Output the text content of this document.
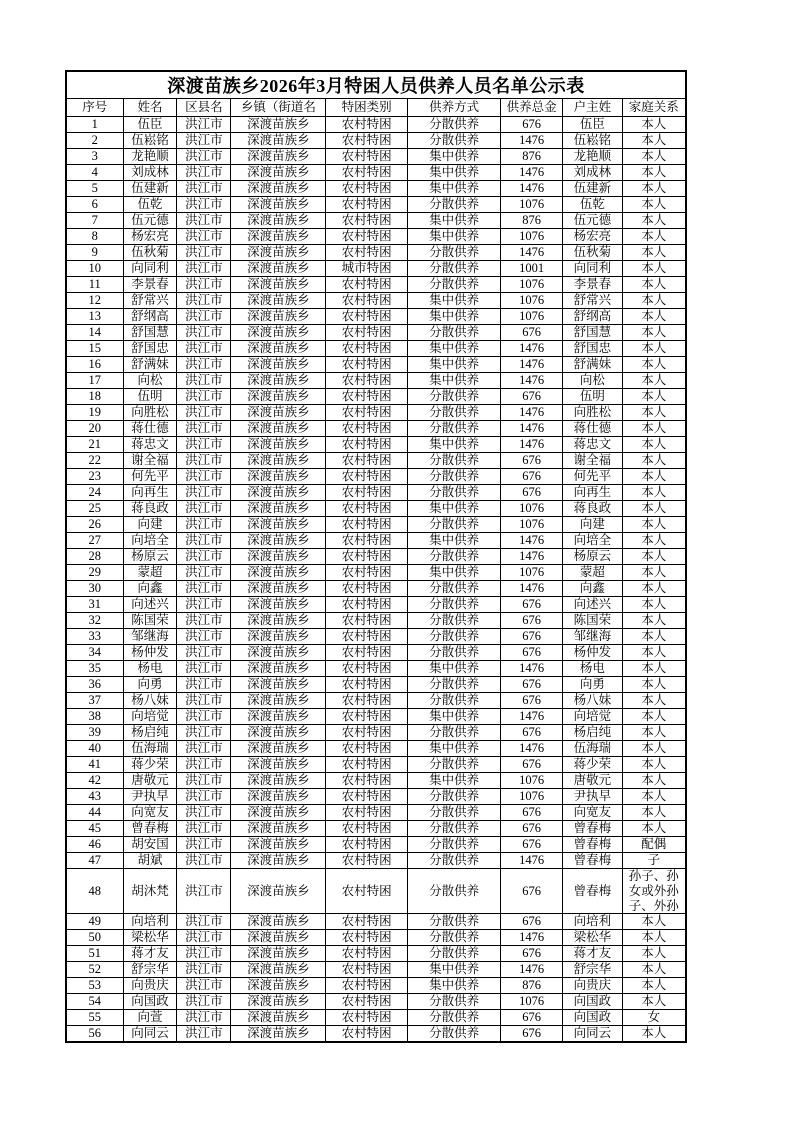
深渡苗族乡2026年3月特困人员供养人员名单公示表								
序号	姓名	区县名	乡镇（街道名	特困类别	供养方式	供养总金	户主姓	家庭关系
1	伍臣	洪江市	深渡苗族乡	农村特困	分散供养	676	伍臣	本人
2	伍崧铭	洪江市	深渡苗族乡	农村特困	分散供养	1476	伍崧铭	本人
3	龙艳顺	洪江市	深渡苗族乡	农村特困	集中供养	876	龙艳顺	本人
4	刘成林	洪江市	深渡苗族乡	农村特困	集中供养	1476	刘成林	本人
5	伍建新	洪江市	深渡苗族乡	农村特困	集中供养	1476	伍建新	本人
6	伍乾	洪江市	深渡苗族乡	农村特困	分散供养	1076	伍乾	本人
7	伍元德	洪江市	深渡苗族乡	农村特困	集中供养	876	伍元德	本人
8	杨宏亮	洪江市	深渡苗族乡	农村特困	集中供养	1076	杨宏亮	本人
9	伍秋菊	洪江市	深渡苗族乡	农村特困	分散供养	1476	伍秋菊	本人
10	向同利	洪江市	深渡苗族乡	城市特困	分散供养	1001	向同利	本人
11	李景春	洪江市	深渡苗族乡	农村特困	分散供养	1076	李景春	本人
12	舒常兴	洪江市	深渡苗族乡	农村特困	集中供养	1076	舒常兴	本人
13	舒纲高	洪江市	深渡苗族乡	农村特困	集中供养	1076	舒纲高	本人
14	舒国慧	洪江市	深渡苗族乡	农村特困	分散供养	676	舒国慧	本人
15	舒国忠	洪江市	深渡苗族乡	农村特困	集中供养	1476	舒国忠	本人
16	舒满妹	洪江市	深渡苗族乡	农村特困	集中供养	1476	舒满妹	本人
17	向松	洪江市	深渡苗族乡	农村特困	集中供养	1476	向松	本人
18	伍明	洪江市	深渡苗族乡	农村特困	分散供养	676	伍明	本人
19	向胜松	洪江市	深渡苗族乡	农村特困	分散供养	1476	向胜松	本人
20	蒋仕德	洪江市	深渡苗族乡	农村特困	分散供养	1476	蒋仕德	本人
21	蒋忠文	洪江市	深渡苗族乡	农村特困	集中供养	1476	蒋忠文	本人
22	谢全福	洪江市	深渡苗族乡	农村特困	分散供养	676	谢全福	本人
23	何先平	洪江市	深渡苗族乡	农村特困	分散供养	676	何先平	本人
24	向再生	洪江市	深渡苗族乡	农村特困	分散供养	676	向再生	本人
25	蒋良政	洪江市	深渡苗族乡	农村特困	集中供养	1076	蒋良政	本人
26	向建	洪江市	深渡苗族乡	农村特困	分散供养	1076	向建	本人
27	向培全	洪江市	深渡苗族乡	农村特困	集中供养	1476	向培全	本人
28	杨原云	洪江市	深渡苗族乡	农村特困	分散供养	1476	杨原云	本人
29	蒙超	洪江市	深渡苗族乡	农村特困	集中供养	1076	蒙超	本人
30	向鑫	洪江市	深渡苗族乡	农村特困	分散供养	1476	向鑫	本人
31	向述兴	洪江市	深渡苗族乡	农村特困	分散供养	676	向述兴	本人
32	陈国荣	洪江市	深渡苗族乡	农村特困	分散供养	676	陈国荣	本人
33	邹继海	洪江市	深渡苗族乡	农村特困	分散供养	676	邹继海	本人
34	杨仲发	洪江市	深渡苗族乡	农村特困	分散供养	676	杨仲发	本人
35	杨电	洪江市	深渡苗族乡	农村特困	集中供养	1476	杨电	本人
36	向勇	洪江市	深渡苗族乡	农村特困	分散供养	676	向勇	本人
37	杨八妹	洪江市	深渡苗族乡	农村特困	分散供养	676	杨八妹	本人
38	向培觉	洪江市	深渡苗族乡	农村特困	集中供养	1476	向培觉	本人
39	杨启纯	洪江市	深渡苗族乡	农村特困	分散供养	676	杨启纯	本人
40	伍海瑞	洪江市	深渡苗族乡	农村特困	集中供养	1476	伍海瑞	本人
41	蒋少荣	洪江市	深渡苗族乡	农村特困	分散供养	676	蒋少荣	本人
42	唐敬元	洪江市	深渡苗族乡	农村特困	集中供养	1076	唐敬元	本人
43	尹执早	洪江市	深渡苗族乡	农村特困	分散供养	1076	尹执早	本人
44	向宽友	洪江市	深渡苗族乡	农村特困	分散供养	676	向宽友	本人
45	曾春梅	洪江市	深渡苗族乡	农村特困	分散供养	676	曾春梅	本人
46	胡安国	洪江市	深渡苗族乡	农村特困	分散供养	676	曾春梅	配偶
47	胡斌	洪江市	深渡苗族乡	农村特困	分散供养	1476	曾春梅	子
48	胡沐梵	洪江市	深渡苗族乡	农村特困	分散供养	676	曾春梅	孙子、孙女或外孙子、外孙
49	向培利	洪江市	深渡苗族乡	农村特困	分散供养	676	向培利	本人
50	梁松华	洪江市	深渡苗族乡	农村特困	分散供养	1476	梁松华	本人
51	蒋才友	洪江市	深渡苗族乡	农村特困	分散供养	676	蒋才友	本人
52	舒宗华	洪江市	深渡苗族乡	农村特困	集中供养	1476	舒宗华	本人
53	向贵庆	洪江市	深渡苗族乡	农村特困	集中供养	876	向贵庆	本人
54	向国政	洪江市	深渡苗族乡	农村特困	分散供养	1076	向国政	本人
55	向萱	洪江市	深渡苗族乡	农村特困	分散供养	676	向国政	女
56	向同云	洪江市	深渡苗族乡	农村特困	分散供养	676	向同云	本人
